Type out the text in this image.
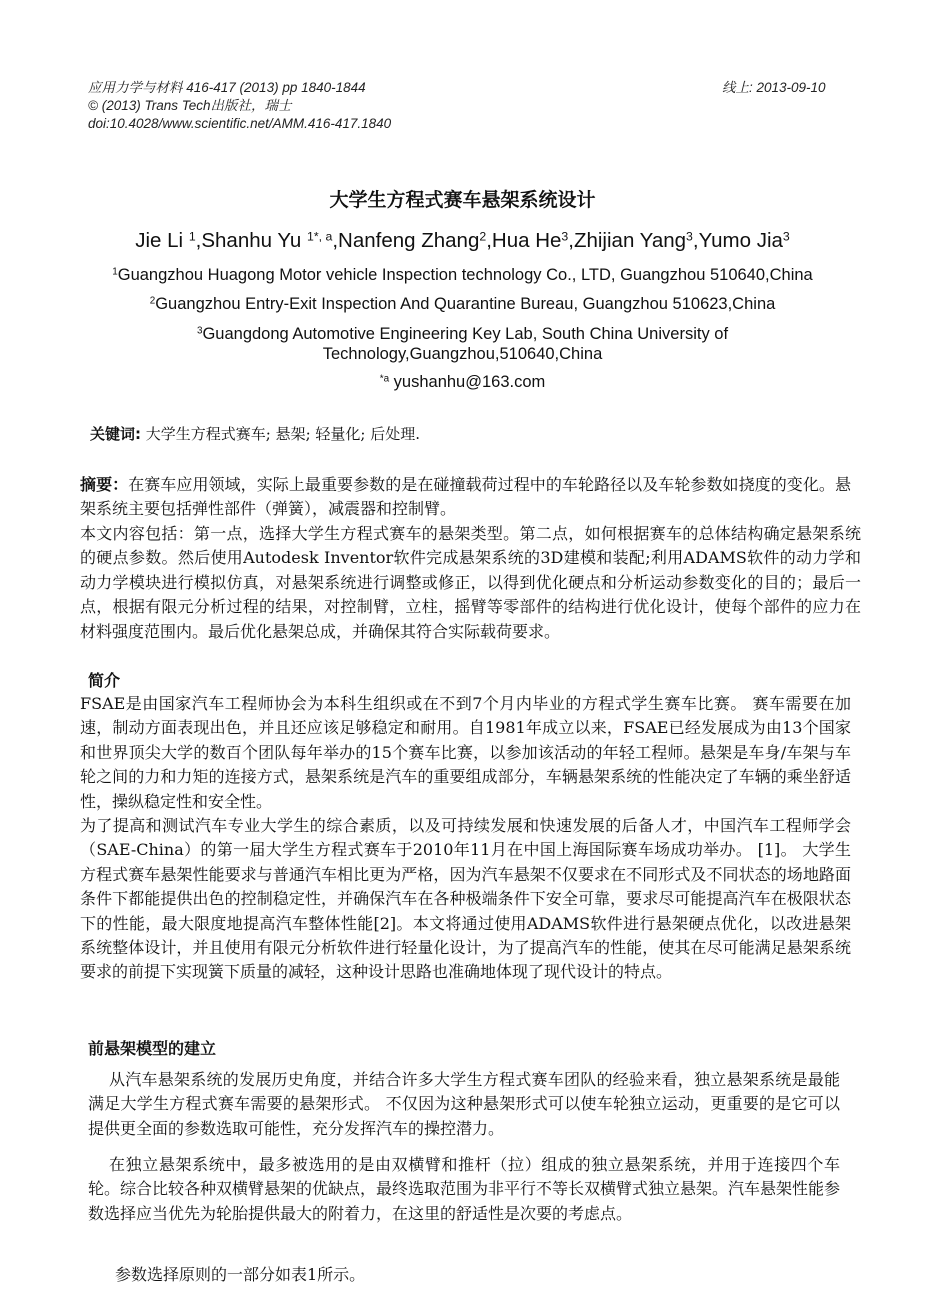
应用力学与材料 416-417 (2013) pp 1840-1844
© (2013) Trans Tech出版社，瑞士
doi:10.4028/www.scientific.net/AMM.416-417.1840
线上: 2013-09-10
大学生方程式赛车悬架系统设计
Jie Li $^1$,Shanhu Yu $^{1*, a}$,Nanfeng Zhang$^2$,Hua He$^3$,Zhijian Yang$^3$,Yumo Jia$^3$
$^1$Guangzhou Huagong Motor vehicle Inspection technology Co., LTD, Guangzhou 510640,China
$^2$Guangzhou Entry-Exit Inspection And Quarantine Bureau, Guangzhou 510623,China
$^3$Guangdong Automotive Engineering Key Lab, South China University of
Technology,Guangzhou,510640,China
$^{*a}$ yushanhu@163.com
关键词: 大学生方程式赛车; 悬架; 轻量化; 后处理.

摘要：在赛车应用领域，实际上最重要参数的是在碰撞载荷过程中的车轮路径以及车轮参数如挠度的变化。悬架系统主要包括弹性部件（弹簧），减震器和控制臂。

本文内容包括：第一点，选择大学生方程式赛车的悬架类型。第二点，如何根据赛车的总体结构确定悬架系统的硬点参数。然后使用Autodesk Inventor软件完成悬架系统的3D建模和装配;利用ADAMS软件的动力学和动力学模块进行模拟仿真，对悬架系统进行调整或修正，以得到优化硬点和分析运动参数变化的目的；最后一点，根据有限元分析过程的结果，对控制臂，立柱，摇臂等零部件的结构进行优化设计，使每个部件的应力在材料强度范围内。最后优化悬架总成，并确保其符合实际载荷要求。

简介

FSAE是由国家汽车工程师协会为本科生组织或在不到7个月内毕业的方程式学生赛车比赛。 赛车需要在加速，制动方面表现出色，并且还应该足够稳定和耐用。自1981年成立以来，FSAE已经发展成为由13个国家和世界顶尖大学的数百个团队每年举办的15个赛车比赛，以参加该活动的年轻工程师。悬架是车身/车架与车轮之间的力和力矩的连接方式，悬架系统是汽车的重要组成部分，车辆悬架系统的性能决定了车辆的乘坐舒适性，操纵稳定性和安全性。

为了提高和测试汽车专业大学生的综合素质，以及可持续发展和快速发展的后备人才，中国汽车工程师学会（SAE-China）的第一届大学生方程式赛车于2010年11月在中国上海国际赛车场成功举办。 [1]。 大学生方程式赛车悬架性能要求与普通汽车相比更为严格，因为汽车悬架不仅要求在不同形式及不同状态的场地路面条件下都能提供出色的控制稳定性，并确保汽车在各种极端条件下安全可靠，要求尽可能提高汽车在极限状态下的性能，最大限度地提高汽车整体性能[2]。本文将通过使用ADAMS软件进行悬架硬点优化，以改进悬架系统整体设计，并且使用有限元分析软件进行轻量化设计，为了提高汽车的性能，使其在尽可能满足悬架系统要求的前提下实现簧下质量的减轻，这种设计思路也准确地体现了现代设计的特点。

前悬架模型的建立

从汽车悬架系统的发展历史角度，并结合许多大学生方程式赛车团队的经验来看，独立悬架系统是最能满足大学生方程式赛车需要的悬架形式。 不仅因为这种悬架形式可以使车轮独立运动，更重要的是它可以提供更全面的参数选取可能性，充分发挥汽车的操控潜力。

在独立悬架系统中，最多被选用的是由双横臂和推杆（拉）组成的独立悬架系统，并用于连接四个车轮。综合比较各种双横臂悬架的优缺点，最终选取范围为非平行不等长双横臂式独立悬架。汽车悬架性能参数选择应当优先为轮胎提供最大的附着力，在这里的舒适性是次要的考虑点。

参数选择原则的一部分如表1所示。
